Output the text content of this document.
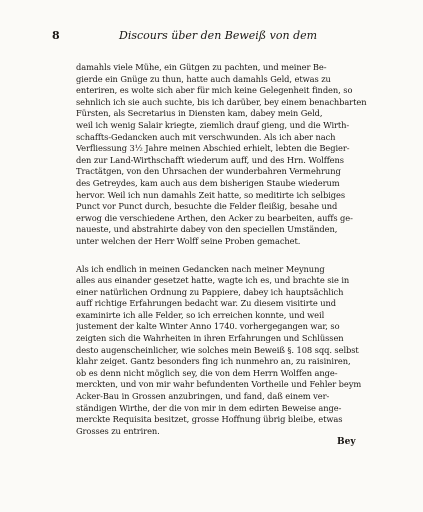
8	Discours über den Beweiß von dem
damahls viele Mühe, ein Gütgen zu pachten, und meiner Be-
gierde ein Gnüge zu thun, hatte auch damahls Geld, etwas zu
enteriren, es wolte sich aber für mich keine Gelegenheit finden, so
sehnlich ich sie auch suchte, bis ich darüber, bey einem benachbarten
Fürsten, als Secretarius in Diensten kam, dabey mein Geld,
weil ich wenig Salair kriegte, ziemlich drauf gieng, und die Wirth-
schaffts-Gedancken auch mit verschwunden. Als ich aber nach
Verfliessung 3½ Jahre meinen Abschied erhielt, lebten die Begier-
den zur Land-Wirthschafft wiederum auff, und des Hrn. Wolffens
Tractätgen, von den Uhrsachen der wunderbahren Vermehrung
des Getreydes, kam auch aus dem bisherigen Staube wiederum
hervor. Weil ich nun damahls Zeit hatte, so meditirte ich selbiges
Punct vor Punct durch, besuchte die Felder fleißig, besahe und
erwog die verschiedene Arthen, den Acker zu bearbeiten, auffs ge-
naueste, und abstrahirte dabey von den speciellen Umständen,
unter welchen der Herr Wolff seine Proben gemachet.
Als ich endlich in meinen Gedancken nach meiner Meynung
alles aus einander gesetzet hatte, wagte ich es, und brachte sie in
einer natürlichen Ordnung zu Pappiere, dabey ich hauptsächlich
auff richtige Erfahrungen bedacht war. Zu diesem visitirte und
examinirte ich alle Felder, so ich erreichen konnte, und weil
justement der kalte Winter Anno 1740. vorhergegangen war, so
zeigten sich die Wahrheiten in ihren Erfahrungen und Schlüssen
desto augenscheinlicher, wie solches mein Beweiß §. 108 sqq. selbst
klahr zeiget. Gantz besonders fing ich nunmehro an, zu raisiniren,
ob es denn nicht möglich sey, die von dem Herrn Wolffen ange-
merckten, und von mir wahr befundenten Vortheile und Fehler beym
Acker-Bau in Grossen anzubringen, und fand, daß einem ver-
ständigen Wirthe, der die von mir in dem edirten Beweise ange-
merckte Requisita besitzet, grosse Hoffnung übrig bleibe, etwas
Grosses zu entriren.
Bey
